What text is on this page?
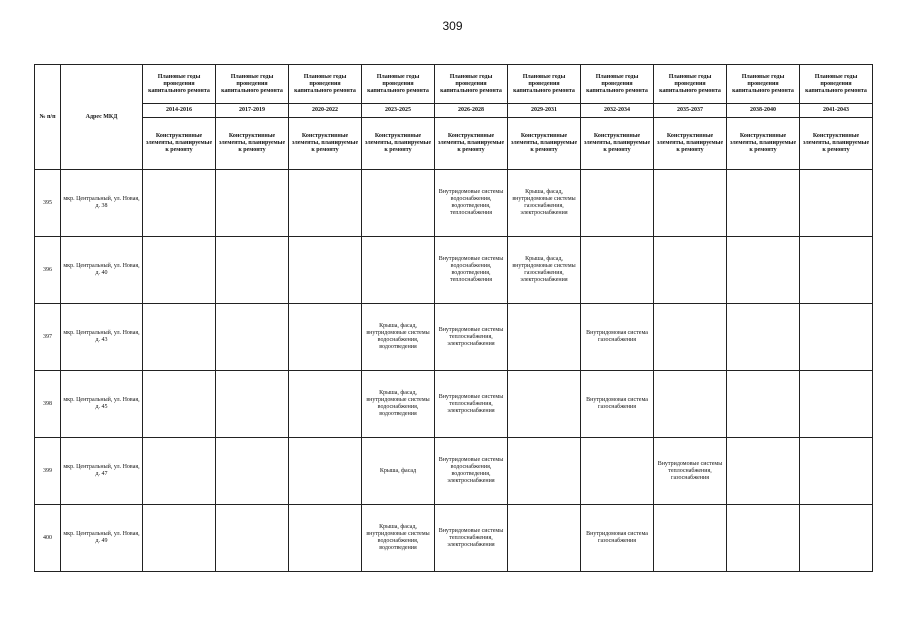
309
№ п/п	Адрес МКД	Плановые годы проведения капитального ремонта	Плановые годы проведения капитального ремонта	Плановые годы проведения капитального ремонта	Плановые годы проведения капитального ремонта	Плановые годы проведения капитального ремонта	Плановые годы проведения капитального ремонта	Плановые годы проведения капитального ремонта	Плановые годы проведения капитального ремонта	Плановые годы проведения капитального ремонта	Плановые годы проведения капитального ремонта
		2014-2016	2017-2019	2020-2022	2023-2025	2026-2028	2029-2031	2032-2034	2035-2037	2038-2040	2041-2043
		Конструктивные элементы, планируемые к ремонту	Конструктивные элементы, планируемые к ремонту	Конструктивные элементы, планируемые к ремонту	Конструктивные элементы, планируемые к ремонту	Конструктивные элементы, планируемые к ремонту	Конструктивные элементы, планируемые к ремонту	Конструктивные элементы, планируемые к ремонту	Конструктивные элементы, планируемые к ремонту	Конструктивные элементы, планируемые к ремонту	Конструктивные элементы, планируемые к ремонту
395	мкр. Центральный, ул. Новая, д. 38					Внутридомовые системы водоснабжения, водоотведения, теплоснабжения	Крыша, фасад, внутридомовые системы газоснабжения, электроснабжения				
396	мкр. Центральный, ул. Новая, д. 40					Внутридомовые системы водоснабжения, водоотведения, теплоснабжения	Крыша, фасад, внутридомовые системы газоснабжения, электроснабжения				
397	мкр. Центральный, ул. Новая, д. 43				Крыша, фасад, внутридомовые системы водоснабжения, водоотведения	Внутридомовые системы теплоснабжения, электроснабжения		Внутридомовая система газоснабжения			
398	мкр. Центральный, ул. Новая, д. 45				Крыша, фасад, внутридомовые системы водоснабжения, водоотведения	Внутридомовые системы теплоснабжения, электроснабжения		Внутридомовая система газоснабжения			
399	мкр. Центральный, ул. Новая, д. 47				Крыша, фасад	Внутридомовые системы водоснабжения, водоотведения, электроснабжения			Внутридомовые системы теплоснабжения, газоснабжения		
400	мкр. Центральный, ул. Новая, д. 49				Крыша, фасад, внутридомовые системы водоснабжения, водоотведения	Внутридомовые системы теплоснабжения, электроснабжения		Внутридомовая система газоснабжения			
